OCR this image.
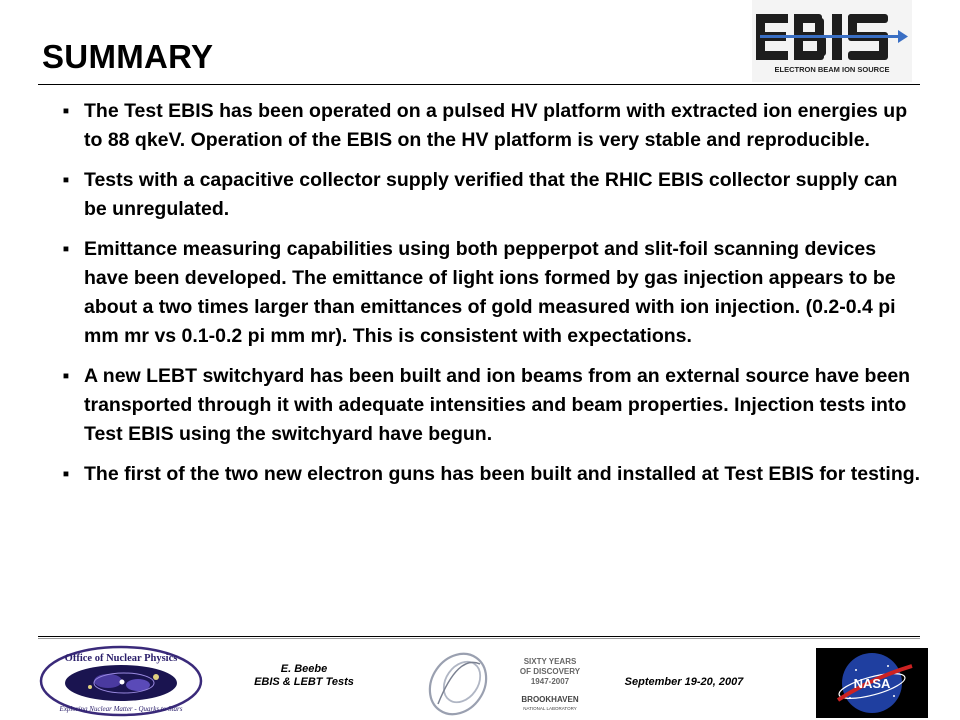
SUMMARY	ELECTRON BEAM ION SOURCE
▪ The Test EBIS has been operated on a pulsed HV platform with extracted ion energies up to 88 qkeV. Operation of the EBIS on the HV platform is very stable and reproducible.
▪ Tests with a capacitive collector supply verified that the RHIC EBIS collector supply can be unregulated.
▪ Emittance measuring capabilities using both pepperpot and slit-foil scanning devices have been developed. The emittance of light ions formed by gas injection appears to be about a two times larger than emittances of gold measured with ion injection. (0.2-0.4 pi mm mr vs 0.1-0.2 pi mm mr). This is consistent with expectations.
▪ A new LEBT switchyard has been built and ion beams from an external source have been transported through it with adequate intensities and beam properties. Injection tests into Test EBIS using the switchyard have begun.
▪ The first of the two new electron guns has been built and installed at Test EBIS for testing.
Office of Nuclear Physics
Exploring Nuclear Matter - Quarks to Stars
E. Beebe
EBIS & LEBT Tests
SIXTY YEARS
OF DISCOVERY
1947-2007
BROOKHAVEN
NATIONAL LABORATORY
September 19-20, 2007	NASA
